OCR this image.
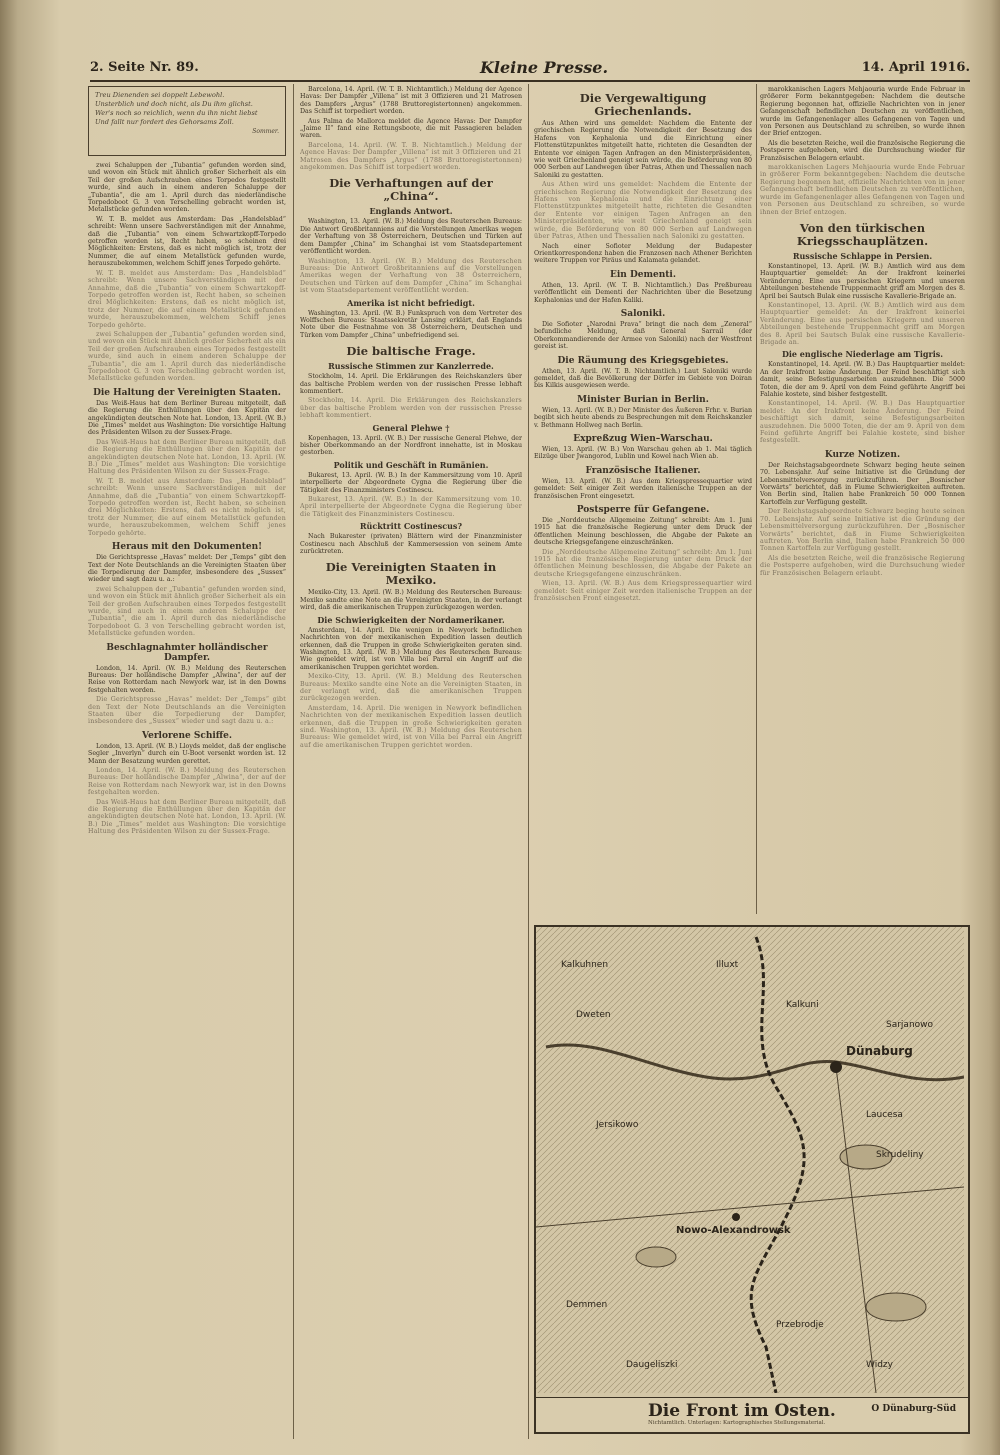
2. Seite Nr. 89.	Kleine Presse.	14. April 1916.
Treu Dienenden sei doppelt Lebewohl.
Unsterblich und doch nicht, als Du ihm glichst.
Wer's noch so reichlich, wenn du ihn nicht liebst
Und fallt nur fordert des Gehorsams Zoll.
Sommer.

zwei Schaluppen der „Tubantia“ gefunden worden sind, und wovon ein Stück mit ähnlich großer Sicherheit als ein Teil der großen Aufschrauben eines Torpedos festgestellt wurde, sind auch in einem anderen Schaluppe der „Tubantia“, die am 1. April durch das niederländische Torpedoboot G. 3 von Terschelling gebracht worden ist, Metallstücke gefunden worden.

W. T. B. meldet aus Amsterdam: Das „Handelsblad“ schreibt: Wenn unsere Sachverständigen mit der Annahme, daß die „Tubantia“ von einem Schwartzkopff-Torpedo getroffen worden ist, Recht haben, so scheinen drei Möglichkeiten: Erstens, daß es nicht möglich ist, trotz der Nummer, die auf einem Metallstück gefunden wurde, herauszubekommen, welchem Schiff jenes Torpedo gehörte.

W. T. B. meldet aus Amsterdam: Das „Handelsblad“ schreibt: Wenn unsere Sachverständigen mit der Annahme, daß die „Tubantia“ von einem Schwartzkopff-Torpedo getroffen worden ist, Recht haben, so scheinen drei Möglichkeiten: Erstens, daß es nicht möglich ist, trotz der Nummer, die auf einem Metallstück gefunden wurde, herauszubekommen, welchem Schiff jenes Torpedo gehörte.

zwei Schaluppen der „Tubantia“ gefunden worden sind, und wovon ein Stück mit ähnlich großer Sicherheit als ein Teil der großen Aufschrauben eines Torpedos festgestellt wurde, sind auch in einem anderen Schaluppe der „Tubantia“, die am 1. April durch das niederländische Torpedoboot G. 3 von Terschelling gebracht worden ist, Metallstücke gefunden worden.

Die Haltung der Vereinigten Staaten.

Das Weiß-Haus hat dem Berliner Bureau mitgeteilt, daß die Regierung die Enthüllungen über den Kapitän der angekündigten deutschen Note hat. London, 13. April. (W. B.) Die „Times“ meldet aus Washington: Die vorsichtige Haltung des Präsidenten Wilson zu der Sussex-Frage.

Das Weiß-Haus hat dem Berliner Bureau mitgeteilt, daß die Regierung die Enthüllungen über den Kapitän der angekündigten deutschen Note hat. London, 13. April. (W. B.) Die „Times“ meldet aus Washington: Die vorsichtige Haltung des Präsidenten Wilson zu der Sussex-Frage.

W. T. B. meldet aus Amsterdam: Das „Handelsblad“ schreibt: Wenn unsere Sachverständigen mit der Annahme, daß die „Tubantia“ von einem Schwartzkopff-Torpedo getroffen worden ist, Recht haben, so scheinen drei Möglichkeiten: Erstens, daß es nicht möglich ist, trotz der Nummer, die auf einem Metallstück gefunden wurde, herauszubekommen, welchem Schiff jenes Torpedo gehörte.

Heraus mit den Dokumenten!

Die Gerichtspresse „Havas“ meldet: Der „Temps“ gibt den Text der Note Deutschlands an die Vereinigten Staaten über die Torpedierung der Dampfer, insbesondere des „Sussex“ wieder und sagt dazu u. a.:

zwei Schaluppen der „Tubantia“ gefunden worden sind, und wovon ein Stück mit ähnlich großer Sicherheit als ein Teil der großen Aufschrauben eines Torpedos festgestellt wurde, sind auch in einem anderen Schaluppe der „Tubantia“, die am 1. April durch das niederländische Torpedoboot G. 3 von Terschelling gebracht worden ist, Metallstücke gefunden worden.

Beschlagnahmter holländischer Dampfer.

London, 14. April. (W. B.) Meldung des Reuterschen Bureaus: Der holländische Dampfer „Alwina“, der auf der Reise von Rotterdam nach Newyork war, ist in den Downs festgehalten worden.

Die Gerichtspresse „Havas“ meldet: Der „Temps“ gibt den Text der Note Deutschlands an die Vereinigten Staaten über die Torpedierung der Dampfer, insbesondere des „Sussex“ wieder und sagt dazu u. a.:

Verlorene Schiffe.

London, 13. April. (W. B.) Lloyds meldet, daß der englische Segler „Inverlyn“ durch ein U-Boot versenkt worden ist. 12 Mann der Besatzung wurden gerettet.

London, 14. April. (W. B.) Meldung des Reuterschen Bureaus: Der holländische Dampfer „Alwina“, der auf der Reise von Rotterdam nach Newyork war, ist in den Downs festgehalten worden.

Das Weiß-Haus hat dem Berliner Bureau mitgeteilt, daß die Regierung die Enthüllungen über den Kapitän der angekündigten deutschen Note hat. London, 13. April. (W. B.) Die „Times“ meldet aus Washington: Die vorsichtige Haltung des Präsidenten Wilson zu der Sussex-Frage.

Barcelona, 14. April. (W. T. B. Nichtamtlich.) Meldung der Agence Havas: Der Dampfer „Villena“ ist mit 3 Offizieren und 21 Matrosen des Dampfers „Argus“ (1788 Bruttoregistertonnen) angekommen. Das Schiff ist torpediert worden.

Aus Palma de Mallorca meldet die Agence Havas: Der Dampfer „Jaime II“ fand eine Rettungsboote, die mit Passagieren beladen waren.

Barcelona, 14. April. (W. T. B. Nichtamtlich.) Meldung der Agence Havas: Der Dampfer „Villena“ ist mit 3 Offizieren und 21 Matrosen des Dampfers „Argus“ (1788 Bruttoregistertonnen) angekommen. Das Schiff ist torpediert worden.

Die Verhaftungen auf der „China“.
Englands Antwort.

Washington, 13. April. (W. B.) Meldung des Reuterschen Bureaus: Die Antwort Großbritanniens auf die Vorstellungen Amerikas wegen der Verhaftung von 38 Österreichern, Deutschen und Türken auf dem Dampfer „China“ im Schanghai ist vom Staatsdepartement veröffentlicht worden.

Washington, 13. April. (W. B.) Meldung des Reuterschen Bureaus: Die Antwort Großbritanniens auf die Vorstellungen Amerikas wegen der Verhaftung von 38 Österreichern, Deutschen und Türken auf dem Dampfer „China“ im Schanghai ist vom Staatsdepartement veröffentlicht worden.

Amerika ist nicht befriedigt.

Washington, 13. April. (W. B.) Funkspruch von dem Vertreter des Wolffschen Bureaus: Staatssekretär Lansing erklärt, daß Englands Note über die Festnahme von 38 Österreichern, Deutschen und Türken vom Dampfer „China“ unbefriedigend sei.

Die baltische Frage.
Russische Stimmen zur Kanzlerrede.

Stockholm, 14. April. Die Erklärungen des Reichskanzlers über das baltische Problem werden von der russischen Presse lebhaft kommentiert.

Stockholm, 14. April. Die Erklärungen des Reichskanzlers über das baltische Problem werden von der russischen Presse lebhaft kommentiert.

General Plehwe †

Kopenhagen, 13. April. (W. B.) Der russische General Plehwe, der bisher Oberkommando an der Nordfront innehatte, ist in Moskau gestorben.

Politik und Geschäft in Rumänien.

Bukarest, 13. April. (W. B.) In der Kammersitzung vom 10. April interpellierte der Abgeordnete Cygna die Regierung über die Tätigkeit des Finanzministers Costinescu.

Bukarest, 13. April. (W. B.) In der Kammersitzung vom 10. April interpellierte der Abgeordnete Cygna die Regierung über die Tätigkeit des Finanzministers Costinescu.

Rücktritt Costinescus?

Nach Bukarester (privaten) Blättern wird der Finanzminister Costinescu nach Abschluß der Kammersession von seinem Amte zurücktreten.

Die Vereinigten Staaten in Mexiko.

Mexiko-City, 13. April. (W. B.) Meldung des Reuterschen Bureaus: Mexiko sandte eine Note an die Vereinigten Staaten, in der verlangt wird, daß die amerikanischen Truppen zurückgezogen werden.

Die Schwierigkeiten der Nordamerikaner.

Amsterdam, 14. April. Die wenigen in Newyork befindlichen Nachrichten von der mexikanischen Expedition lassen deutlich erkennen, daß die Truppen in große Schwierigkeiten geraten sind. Washington, 13. April. (W. B.) Meldung des Reuterschen Bureaus: Wie gemeldet wird, ist von Villa bei Parral ein Angriff auf die amerikanischen Truppen gerichtet worden.

Mexiko-City, 13. April. (W. B.) Meldung des Reuterschen Bureaus: Mexiko sandte eine Note an die Vereinigten Staaten, in der verlangt wird, daß die amerikanischen Truppen zurückgezogen werden.

Amsterdam, 14. April. Die wenigen in Newyork befindlichen Nachrichten von der mexikanischen Expedition lassen deutlich erkennen, daß die Truppen in große Schwierigkeiten geraten sind. Washington, 13. April. (W. B.) Meldung des Reuterschen Bureaus: Wie gemeldet wird, ist von Villa bei Parral ein Angriff auf die amerikanischen Truppen gerichtet worden.

Die Vergewaltigung Griechenlands.

Aus Athen wird uns gemeldet: Nachdem die Entente der griechischen Regierung die Notwendigkeit der Besetzung des Hafens von Kephalonia und die Einrichtung einer Flottenstützpunktes mitgeteilt hatte, richteten die Gesandten der Entente vor einigen Tagen Anfragen an den Ministerpräsidenten, wie weit Griechenland geneigt sein würde, die Beförderung von 80 000 Serben auf Landwegen über Patras, Athen und Thessalien nach Saloniki zu gestatten.

Aus Athen wird uns gemeldet: Nachdem die Entente der griechischen Regierung die Notwendigkeit der Besetzung des Hafens von Kephalonia und die Einrichtung einer Flottenstützpunktes mitgeteilt hatte, richteten die Gesandten der Entente vor einigen Tagen Anfragen an den Ministerpräsidenten, wie weit Griechenland geneigt sein würde, die Beförderung von 80 000 Serben auf Landwegen über Patras, Athen und Thessalien nach Saloniki zu gestatten.

Nach einer Sofioter Meldung der Budapester Orientkorrespondenz haben die Franzosen nach Athener Berichten weitere Truppen vor Piräus und Kalamata gelandet.

Ein Dementi.

Athen, 13. April. (W. T. B. Nichtamtlich.) Das Preßbureau veröffentlicht ein Dementi der Nachrichten über die Besetzung Kephalonias und der Hafen Kaliki.

Saloniki.

Die Sofioter „Narodni Prava“ bringt die nach dem „Zeneral“ befundliche Meldung, daß General Sarrail (der Oberkommandierende der Armee von Saloniki) nach der Westfront gereist ist.

Die Räumung des Kriegsgebietes.

Athen, 13. April. (W. T. B. Nichtamtlich.) Laut Saloniki wurde gemeldet, daß die Bevölkerung der Dörfer im Gebiete von Doiran bis Kilkis ausgewiesen werde.

Minister Burian in Berlin.

Wien, 13. April. (W. B.) Der Minister des Äußeren Frhr. v. Burian begibt sich heute abends zu Besprechungen mit dem Reichskanzler v. Bethmann Hollweg nach Berlin.

Expreßzug Wien–Warschau.

Wien, 13. April. (W. B.) Von Warschau gehen ab 1. Mai täglich Eilzüge über Jwangorod, Lublin und Kowel nach Wien ab.

Französische Italiener.

Wien, 13. April. (W. B.) Aus dem Kriegspressequartier wird gemeldet: Seit einiger Zeit werden italienische Truppen an der französischen Front eingesetzt.

Postsperre für Gefangene.

Die „Norddeutsche Allgemeine Zeitung“ schreibt: Am 1. Juni 1915 hat die französische Regierung unter dem Druck der öffentlichen Meinung beschlossen, die Abgabe der Pakete an deutsche Kriegsgefangene einzuschränken.

Die „Norddeutsche Allgemeine Zeitung“ schreibt: Am 1. Juni 1915 hat die französische Regierung unter dem Druck der öffentlichen Meinung beschlossen, die Abgabe der Pakete an deutsche Kriegsgefangene einzuschränken.

Wien, 13. April. (W. B.) Aus dem Kriegspressequartier wird gemeldet: Seit einiger Zeit werden italienische Truppen an der französischen Front eingesetzt.

marokkanischen Lagers Mehjaouria wurde Ende Februar in größerer Form bekanntgegeben: Nachdem die deutsche Regierung begonnen hat, offizielle Nachrichten von in jener Gefangenschaft befindlichen Deutschen zu veröffentlichen, wurde im Gefangenenlager alles Gefangenen von Tagen und von Personen aus Deutschland zu schreiben, so wurde ihnen der Brief entzogen.

Als die besetzten Reiche, weil die französische Regierung die Postsperre aufgehoben, wird die Durchsuchung wieder für Französischen Belagern erlaubt.

marokkanischen Lagers Mehjaouria wurde Ende Februar in größerer Form bekanntgegeben: Nachdem die deutsche Regierung begonnen hat, offizielle Nachrichten von in jener Gefangenschaft befindlichen Deutschen zu veröffentlichen, wurde im Gefangenenlager alles Gefangenen von Tagen und von Personen aus Deutschland zu schreiben, so wurde ihnen der Brief entzogen.

Von den türkischen Kriegsschauplätzen.
Russische Schlappe in Persien.

Konstantinopel, 13. April. (W. B.) Amtlich wird aus dem Hauptquartier gemeldet: An der Irakfront keinerlei Veränderung. Eine aus persischen Kriegern und unseren Abteilungen bestehende Truppenmacht griff am Morgen des 8. April bei Sautsch Bulak eine russische Kavallerie-Brigade an.

Konstantinopel, 13. April. (W. B.) Amtlich wird aus dem Hauptquartier gemeldet: An der Irakfront keinerlei Veränderung. Eine aus persischen Kriegern und unseren Abteilungen bestehende Truppenmacht griff am Morgen des 8. April bei Sautsch Bulak eine russische Kavallerie-Brigade an.

Die englische Niederlage am Tigris.

Konstantinopel, 14. April. (W. B.) Das Hauptquartier meldet: An der Irakfront keine Änderung. Der Feind beschäftigt sich damit, seine Befestigungsarbeiten auszudehnen. Die 5000 Toten, die der am 9. April von dem Feind geführte Angriff bei Falahie kostete, sind bisher festgestellt.

Konstantinopel, 14. April. (W. B.) Das Hauptquartier meldet: An der Irakfront keine Änderung. Der Feind beschäftigt sich damit, seine Befestigungsarbeiten auszudehnen. Die 5000 Toten, die der am 9. April von dem Feind geführte Angriff bei Falahie kostete, sind bisher festgestellt.

Kurze Notizen.

Der Reichstagsabgeordnete Schwarz beging heute seinen 70. Lebensjahr. Auf seine Initiative ist die Gründung der Lebensmittelversorgung zurückzuführen. Der „Bosnischer Vorwärts“ berichtet, daß in Fiume Schwierigkeiten auftreten. Von Berlin sind, Italien habe Frankreich 50 000 Tonnen Kartoffeln zur Verfügung gestellt.

Der Reichstagsabgeordnete Schwarz beging heute seinen 70. Lebensjahr. Auf seine Initiative ist die Gründung der Lebensmittelversorgung zurückzuführen. Der „Bosnischer Vorwärts“ berichtet, daß in Fiume Schwierigkeiten auftreten. Von Berlin sind, Italien habe Frankreich 50 000 Tonnen Kartoffeln zur Verfügung gestellt.

Als die besetzten Reiche, weil die französische Regierung die Postsperre aufgehoben, wird die Durchsuchung wieder für Französischen Belagern erlaubt.

Dünaburg
Nowo-Alexandrowsk
Kalkuhnen
Jersikowo
Illuxt
Laucesa
Sarjanowo
Skrudeliny
Dweten
Kalkuni
Demmen
Przebrodje
Widzy
Daugeliszki
Die Front im Osten.	O Dünaburg-Süd
Nichtamtlich. Unterlagen: Kartographisches Stellungsmaterial.
